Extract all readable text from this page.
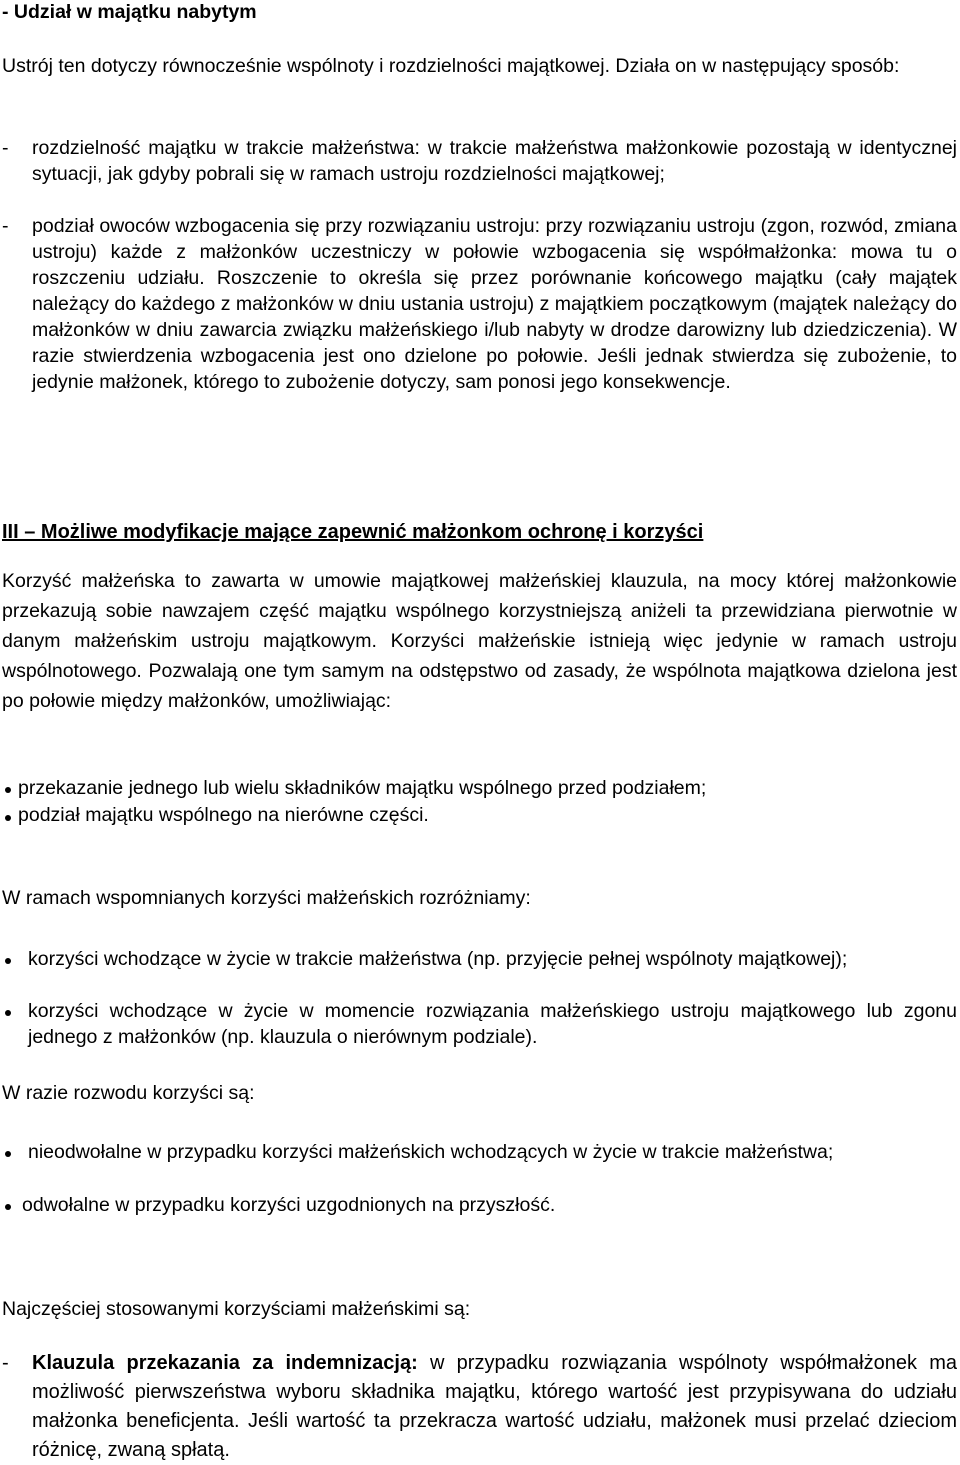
- Udział w majątku nabytym

Ustrój ten dotyczy równocześnie wspólnoty i rozdzielności majątkowej. Działa on w następujący sposób:

- rozdzielność majątku w trakcie małżeństwa: w trakcie małżeństwa małżonkowie pozostają w identycznej sytuacji, jak gdyby pobrali się w ramach ustroju rozdzielności majątkowej;

- podział owoców wzbogacenia się przy rozwiązaniu ustroju: przy rozwiązaniu ustroju (zgon, rozwód, zmiana ustroju) każde z małżonków uczestniczy w połowie wzbogacenia się współmałżonka: mowa tu o roszczeniu udziału. Roszczenie to określa się przez porównanie końcowego majątku (cały majątek należący do każdego z małżonków w dniu ustania ustroju) z majątkiem początkowym (majątek należący do małżonków w dniu zawarcia związku małżeńskiego i/lub nabyty w drodze darowizny lub dziedziczenia). W razie stwierdzenia wzbogacenia jest ono dzielone po połowie. Jeśli jednak stwierdza się zubożenie, to jedynie małżonek, którego to zubożenie dotyczy, sam ponosi jego konsekwencje.

III – Możliwe modyfikacje mające zapewnić małżonkom ochronę i korzyści

Korzyść małżeńska to zawarta w umowie majątkowej małżeńskiej klauzula, na mocy której małżonkowie przekazują sobie nawzajem część majątku wspólnego korzystniejszą aniżeli ta przewidziana pierwotnie w danym małżeńskim ustroju majątkowym. Korzyści małżeńskie istnieją więc jedynie w ramach ustroju wspólnotowego. Pozwalają one tym samym na odstępstwo od zasady, że wspólnota majątkowa dzielona jest po połowie między małżonków, umożliwiając:

przekazanie jednego lub wielu składników majątku wspólnego przed podziałem;

podział majątku wspólnego na nierówne części.

W ramach wspomnianych korzyści małżeńskich rozróżniamy:

korzyści wchodzące w życie w trakcie małżeństwa (np. przyjęcie pełnej wspólnoty majątkowej);

korzyści wchodzące w życie w momencie rozwiązania małżeńskiego ustroju majątkowego lub zgonu jednego z małżonków (np. klauzula o nierównym podziale).

W razie rozwodu korzyści są:

nieodwołalne w przypadku korzyści małżeńskich wchodzących w życie w trakcie małżeństwa;

odwołalne w przypadku korzyści uzgodnionych na przyszłość.

Najczęściej stosowanymi korzyściami małżeńskimi są:

- Klauzula przekazania za indemnizacją: w przypadku rozwiązania wspólnoty współmałżonek ma możliwość pierwszeństwa wyboru składnika majątku, którego wartość jest przypisywana do udziału małżonka beneficjenta. Jeśli wartość ta przekracza wartość udziału, małżonek musi przelać dzieciom różnicę, zwaną spłatą.
